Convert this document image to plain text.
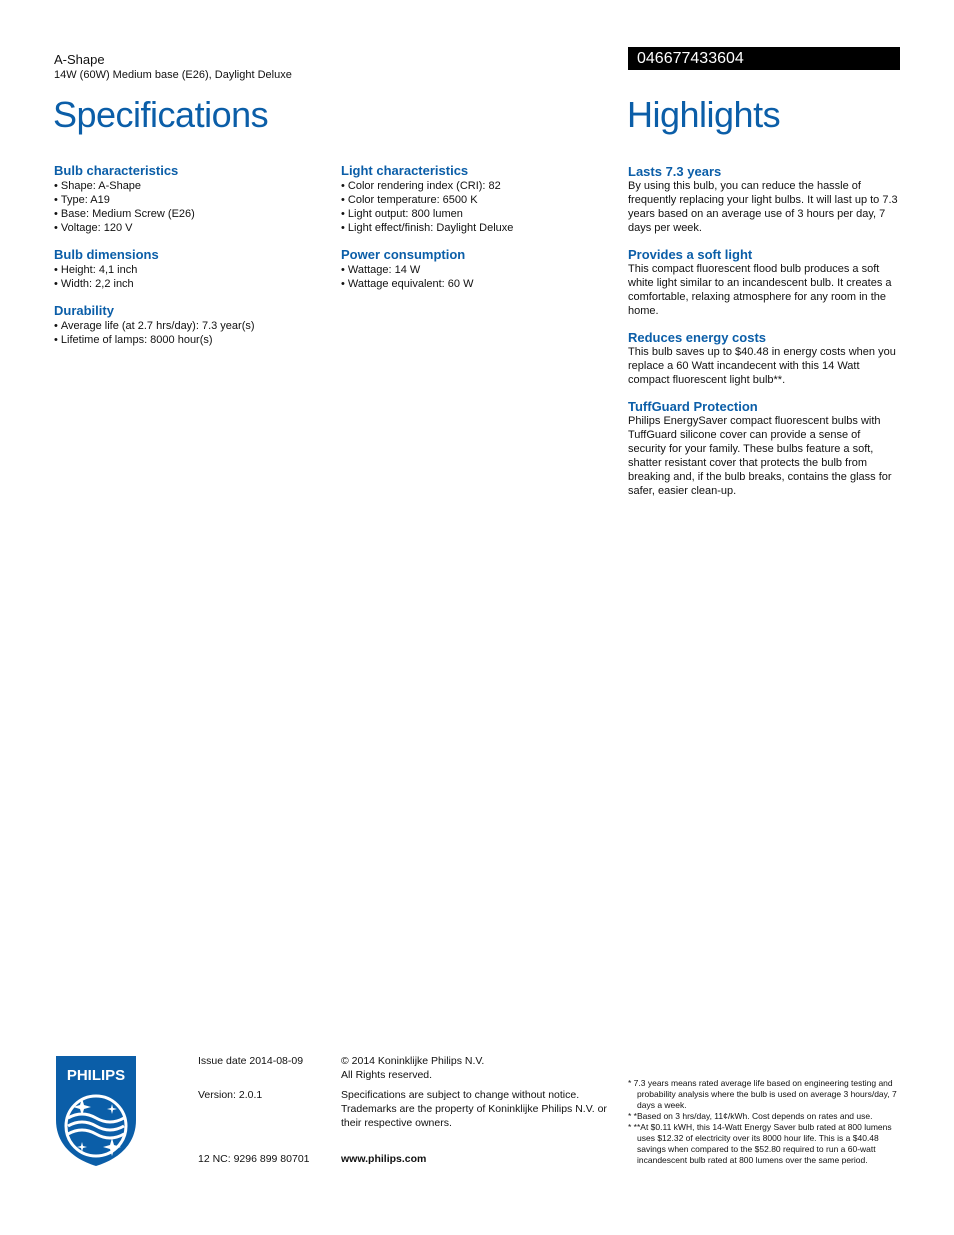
A-Shape
14W (60W) Medium base (E26), Daylight Deluxe
046677433604
Specifications	Highlights
Bulb characteristics
• Shape: A-Shape
• Type: A19
• Base: Medium Screw (E26)
• Voltage: 120 V
Bulb dimensions
• Height: 4,1 inch
• Width: 2,2 inch
Durability
• Average life (at 2.7 hrs/day): 7.3 year(s)
• Lifetime of lamps: 8000 hour(s)
Light characteristics
• Color rendering index (CRI): 82
• Color temperature: 6500 K
• Light output: 800 lumen
• Light effect/finish: Daylight Deluxe
Power consumption
• Wattage: 14 W
• Wattage equivalent: 60 W
Lasts 7.3 years

By using this bulb, you can reduce the hassle of frequently replacing your light bulbs. It will last up to 7.3 years based on an average use of 3 hours per day, 7 days per week.

Provides a soft light

This compact fluorescent flood bulb produces a soft white light similar to an incandescent bulb. It creates a comfortable, relaxing atmosphere for any room in the home.

Reduces energy costs

This bulb saves up to $40.48 in energy costs when you replace a 60 Watt incandecent with this 14 Watt compact fluorescent light bulb**.

TuffGuard Protection

Philips EnergySaver compact fluorescent bulbs with TuffGuard silicone cover can provide a sense of security for your family. These bulbs feature a soft, shatter resistant cover that protects the bulb from breaking and, if the bulb breaks, contains the glass for safer, easier clean-up.

PHILIPS
Issue date 2014-08-09
Version: 2.0.1
12 NC: 9296 899 80701
© 2014 Koninklijke Philips N.V.
All Rights reserved.
Specifications are subject to change without notice. Trademarks are the property of Koninklijke Philips N.V. or their respective owners.
www.philips.com
* 7.3 years means rated average life based on engineering testing and probability analysis where the bulb is used on average 3 hours/day, 7 days a week.
* *Based on 3 hrs/day, 11¢/kWh. Cost depends on rates and use.
* **At $0.11 kWH, this 14-Watt Energy Saver bulb rated at 800 lumens uses $12.32 of electricity over its 8000 hour life. This is a $40.48 savings when compared to the $52.80 required to run a 60-watt incandescent bulb rated at 800 lumens over the same period.
